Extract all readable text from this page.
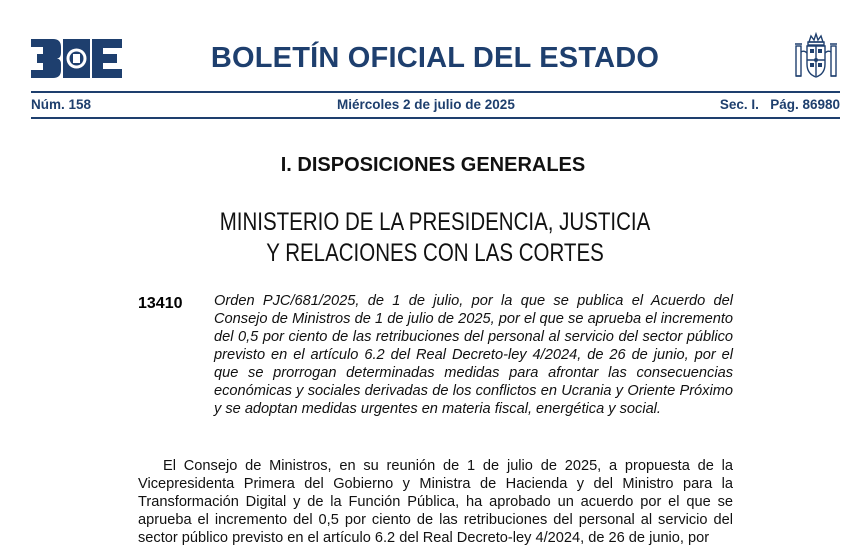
BOLETÍN OFICIAL DEL ESTADO
Núm. 158	Miércoles 2 de julio de 2025	Sec. I. Pág. 86980
I. DISPOSICIONES GENERALES
MINISTERIO DE LA PRESIDENCIA, JUSTICIA
Y RELACIONES CON LAS CORTES
13410 Orden PJC/681/2025, de 1 de julio, por la que se publica el Acuerdo del Consejo de Ministros de 1 de julio de 2025, por el que se aprueba el incremento del 0,5 por ciento de las retribuciones del personal al servicio del sector público previsto en el artículo 6.2 del Real Decreto-ley 4/2024, de 26 de junio, por el que se prorrogan determinadas medidas para afrontar las consecuencias económicas y sociales derivadas de los conflictos en Ucrania y Oriente Próximo y se adoptan medidas urgentes en materia fiscal, energética y social.
El Consejo de Ministros, en su reunión de 1 de julio de 2025, a propuesta de la Vicepresidenta Primera del Gobierno y Ministra de Hacienda y del Ministro para la Transformación Digital y de la Función Pública, ha aprobado un acuerdo por el que se aprueba el incremento del 0,5 por ciento de las retribuciones del personal al servicio del sector público previsto en el artículo 6.2 del Real Decreto-ley 4/2024, de 26 de junio, por
